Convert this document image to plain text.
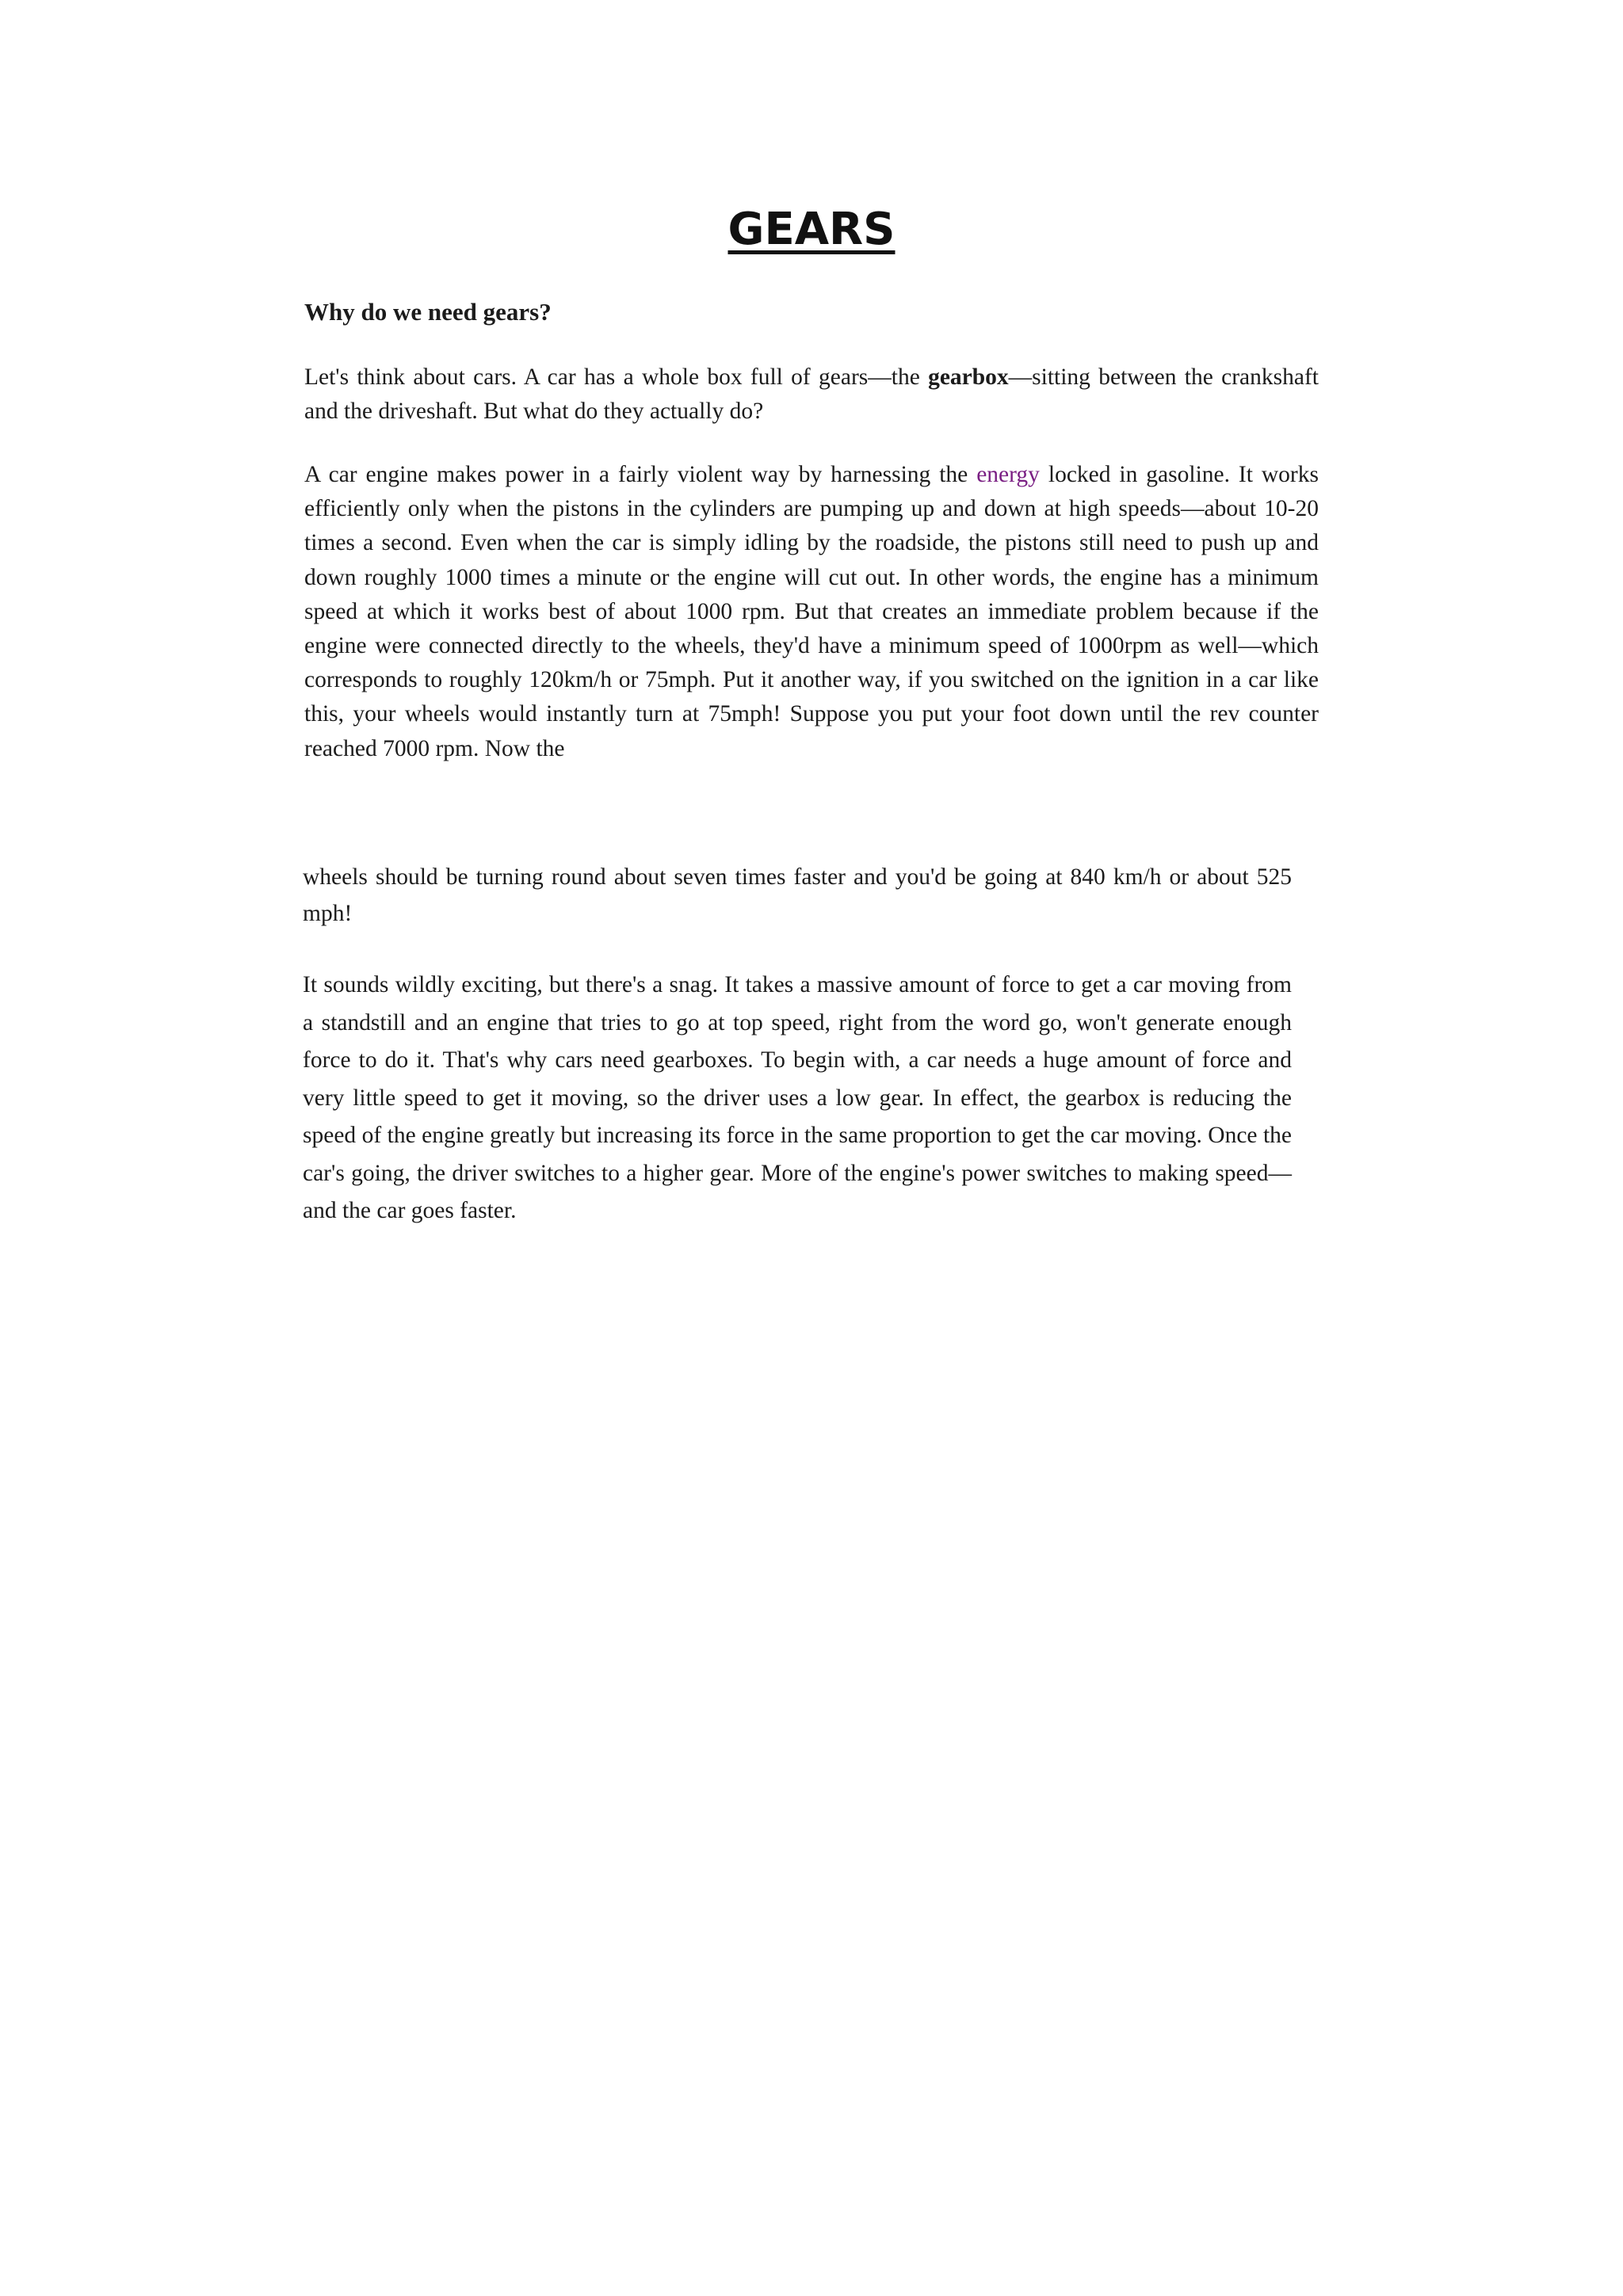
GEARS
Why do we need gears?

Let's think about cars. A car has a whole box full of gears—the gearbox—sitting between the crankshaft and the driveshaft. But what do they actually do?

A car engine makes power in a fairly violent way by harnessing the energy locked in gasoline. It works efficiently only when the pistons in the cylinders are pumping up and down at high speeds—about 10-20 times a second. Even when the car is simply idling by the roadside, the pistons still need to push up and down roughly 1000 times a minute or the engine will cut out. In other words, the engine has a minimum speed at which it works best of about 1000 rpm. But that creates an immediate problem because if the engine were connected directly to the wheels, they'd have a minimum speed of 1000rpm as well—which corresponds to roughly 120km/h or 75mph. Put it another way, if you switched on the ignition in a car like this, your wheels would instantly turn at 75mph! Suppose you put your foot down until the rev counter reached 7000 rpm. Now the

wheels should be turning round about seven times faster and you'd be going at 840 km/h or about 525 mph!

It sounds wildly exciting, but there's a snag. It takes a massive amount of force to get a car moving from a standstill and an engine that tries to go at top speed, right from the word go, won't generate enough force to do it. That's why cars need gearboxes. To begin with, a car needs a huge amount of force and very little speed to get it moving, so the driver uses a low gear. In effect, the gearbox is reducing the speed of the engine greatly but increasing its force in the same proportion to get the car moving. Once the car's going, the driver switches to a higher gear. More of the engine's power switches to making speed—and the car goes faster.
